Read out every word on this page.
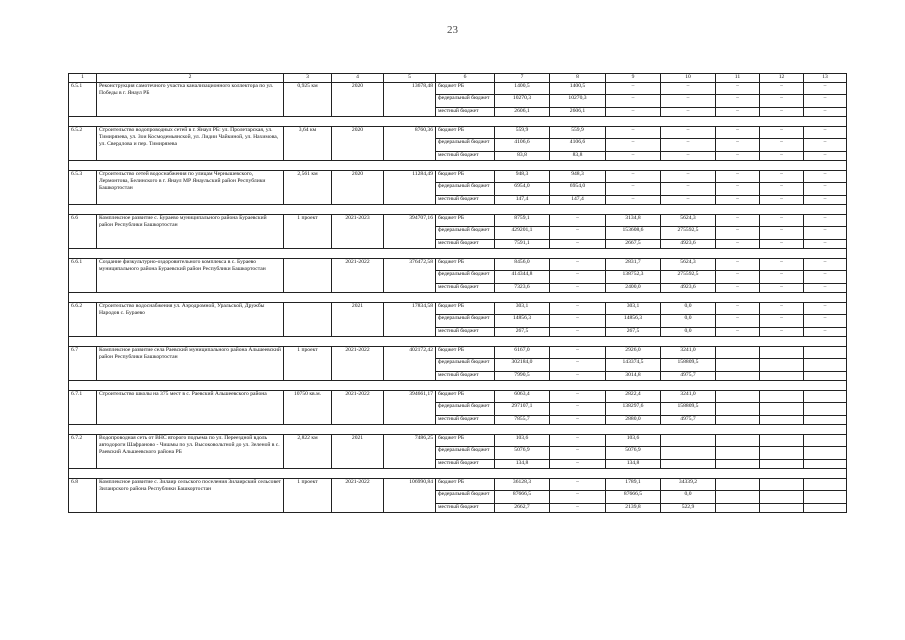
23
1	2	3	4	5	6	7	8	9	10	11	12	13
6.5.1	Реконструкция самотечного участка канализационного коллектора по ул. Победы в г. Янаул РБ	0,925 км	2020	13678,48	бюджет РБ	1400,5	1400,5	–	–	–	–	–
					федеральный бюджет	10270,3	10270,3	–	–	–	–	–
					местный бюджет	2606,1	2606,1	–	–	–	–	–

6.5.2	Строительство водопроводных сетей в г. Янаул РБ: ул. Пролетарская, ул. Тимирязева, ул. Зои Космодемьянской, ул. Лидии Чайкиной, ул. Нахимова, ул. Свердлова и пер. Тимирязева	3,64 км	2020	8760,36	бюджет РБ	559,9	559,9	–	–	–	–	–
					федеральный бюджет	4106,6	4106,6	–	–	–	–	–
					местный бюджет	83,8	83,8	–	–	–	–	–

6.5.3	Строительство сетей водоснабжения по улицам Чернышевского, Лермонтова, Белинского в г. Янаул МР Янаульский район Республики Башкортостан	2,561 км	2020	11284,49	бюджет РБ	948,3	948,3	–	–	–	–	–
					федеральный бюджет	6954,0	6954,0	–	–	–	–	–
					местный бюджет	147,4	147,4	–	–	–	–	–

6.6	Комплексное развитие с. Бураево муниципального района Бураевский район Республики Башкортостан	1 проект	2021-2023	394707,16	бюджет РБ	8759,1	–	3134,8	5624,3	–	–	–
					федеральный бюджет	429201,1	–	153608,6	275592,5	–	–	–
					местный бюджет	7591,1	–	2667,5	4923,6	–	–	–

6.6.1	Создание физкультурно-оздоровительного комплекса в с. Бураево муниципального района Бураевский район Республики Башкортостан		2021-2022	376472,58	бюджет РБ	8456,0	–	2831,7	5624,3	–	–	–
					федеральный бюджет	414344,8	–	138752,3	275592,5	–	–	–
					местный бюджет	7323,6	–	2400,0	4923,6	–	–	–

6.6.2	Строительство водоснабжения ул. Аэродромной, Уральской, Дружбы Народов с. Бураево		2021	17834,58	бюджет РБ	303,1	–	303,1	0,0	–	–	–
					федеральный бюджет	14856,3	–	14856,3	0,0	–	–	–
					местный бюджет	267,5	–	267,5	0,0	–	–	–

6.7	Комплексное развитие села Раевский муниципального района Альшеевский район Республики Башкортостан	1 проект	2021-2022	402172,42	бюджет РБ	6167,0	–	2926,0	3241,0			
					федеральный бюджет	302184,0	–	143374,5	158809,5			
					местный бюджет	7990,5	–	3014,8	4975,7			

6.7.1	Строительство школы на 375 мест в с. Раевский Альшеевского района	10750 кв.м.	2021-2022	394661,17	бюджет РБ	6063,4	–	2822,4	3241,0			
					федеральный бюджет	297107,1	–	138297,6	158809,5			
					местный бюджет	7855,7	–	2880,0	4975,7			

6.7.2	Водопроводная сеть от ВНС второго подъема по ул. Переездной вдоль автодороги Шафраново - Чишмы по ул. Высоковольтной до ул. Зеленой в с. Раевский Альшеевского района РБ	2,822 км	2021	7486,25	бюджет РБ	103,6	–	103,6				
					федеральный бюджет	5076,9	–	5076,9				
					местный бюджет	134,8	–	134,8				

6.8	Комплексное развитие с. Зилаир сельского поселения Зилаирский сельсовет Зилаирского района Республики Башкортостан	1 проект	2021-2022	106990,84	бюджет РБ	36128,3	–	1789,1	34339,2			
					федеральный бюджет	87666,5	–	87666,5	0,0			
					местный бюджет	2662,7	–	2139,8	522,9			
